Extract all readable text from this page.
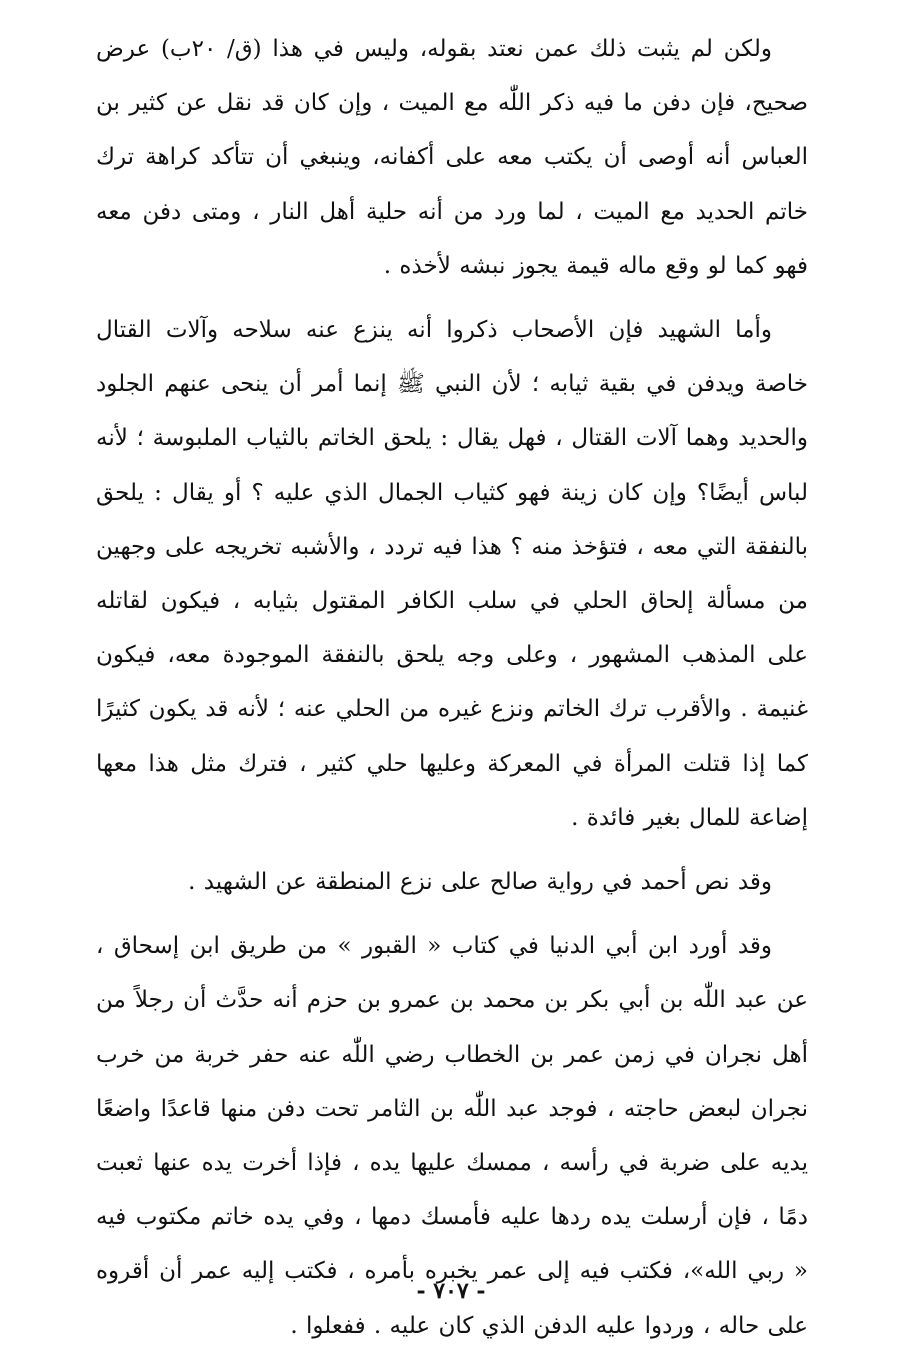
ولكن لم يثبت ذلك عمن نعتد بقوله، وليس في هذا (ق/ ٢٠ب) عرض صحيح، فإن دفن ما فيه ذكر اللّٰه مع الميت ، وإن كان قد نقل عن كثير بن العباس أنه أوصى أن يكتب معه على أكفانه، وينبغي أن تتأكد كراهة ترك خاتم الحديد مع الميت ، لما ورد من أنه حلية أهل النار ، ومتى دفن معه فهو كما لو وقع ماله قيمة يجوز نبشه لأخذه .

وأما الشهيد فإن الأصحاب ذكروا أنه ينزع عنه سلاحه وآلات القتال خاصة ويدفن في بقية ثيابه ؛ لأن النبي ﷺ إنما أمر أن ينحى عنهم الجلود والحديد وهما آلات القتال ، فهل يقال : يلحق الخاتم بالثياب الملبوسة ؛ لأنه لباس أيضًا؟ وإن كان زينة فهو كثياب الجمال الذي عليه ؟ أو يقال : يلحق بالنفقة التي معه ، فتؤخذ منه ؟ هذا فيه تردد ، والأشبه تخريجه على وجهين من مسألة إلحاق الحلي في سلب الكافر المقتول بثيابه ، فيكون لقاتله على المذهب المشهور ، وعلى وجه يلحق بالنفقة الموجودة معه، فيكون غنيمة . والأقرب ترك الخاتم ونزع غيره من الحلي عنه ؛ لأنه قد يكون كثيرًا كما إذا قتلت المرأة في المعركة وعليها حلي كثير ، فترك مثل هذا معها إضاعة للمال بغير فائدة .

وقد نص أحمد في رواية صالح على نزع المنطقة عن الشهيد .

وقد أورد ابن أبي الدنيا في كتاب « القبور » من طريق ابن إسحاق ، عن عبد اللّٰه بن أبي بكر بن محمد بن عمرو بن حزم أنه حدَّث أن رجلاً من أهل نجران في زمن عمر بن الخطاب رضي اللّٰه عنه حفر خربة من خرب نجران لبعض حاجته ، فوجد عبد اللّٰه بن الثامر تحت دفن منها قاعدًا واضعًا يديه على ضربة في رأسه ، ممسك عليها يده ، فإذا أخرت يده عنها ثعبت دمًا ، فإن أرسلت يده ردها عليه فأمسك دمها ، وفي يده خاتم مكتوب فيه « ربي الله»، فكتب فيه إلى عمر يخبره بأمره ، فكتب إليه عمر أن أقروه على حاله ، وردوا عليه الدفن الذي كان عليه . ففعلوا .

- ٧٠٧ -
